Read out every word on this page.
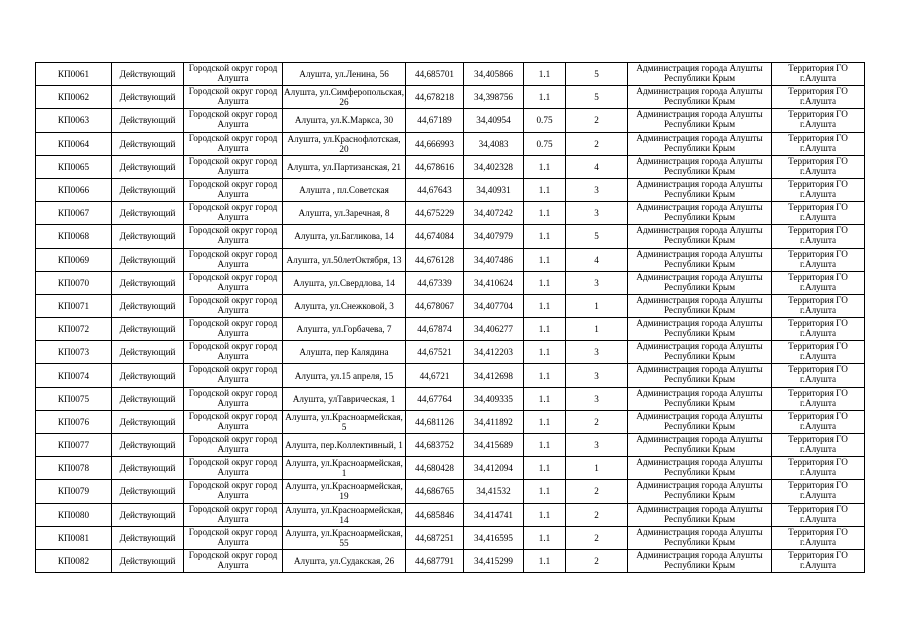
КП0061	Действующий	Городской округ город Алушта	Алушта, ул.Ленина, 56	44,685701	34,405866	1.1	5	Администрация города Алушты Республики Крым	Территория ГО г.Алушта
КП0062	Действующий	Городской округ город Алушта	Алушта, ул.Симферопольская, 26	44,678218	34,398756	1.1	5	Администрация города Алушты Республики Крым	Территория ГО г.Алушта
КП0063	Действующий	Городской округ город Алушта	Алушта, ул.К.Маркса, 30	44,67189	34,40954	0.75	2	Администрация города Алушты Республики Крым	Территория ГО г.Алушта
КП0064	Действующий	Городской округ город Алушта	Алушта, ул.Краснофлотская, 20	44,666993	34,4083	0.75	2	Администрация города Алушты Республики Крым	Территория ГО г.Алушта
КП0065	Действующий	Городской округ город Алушта	Алушта, ул.Партизанская, 21	44,678616	34,402328	1.1	4	Администрация города Алушты Республики Крым	Территория ГО г.Алушта
КП0066	Действующий	Городской округ город Алушта	Алушта , пл.Советская	44,67643	34,40931	1.1	3	Администрация города Алушты Республики Крым	Территория ГО г.Алушта
КП0067	Действующий	Городской округ город Алушта	Алушта, ул.Заречная, 8	44,675229	34,407242	1.1	3	Администрация города Алушты Республики Крым	Территория ГО г.Алушта
КП0068	Действующий	Городской округ город Алушта	Алушта, ул.Багликова, 14	44,674084	34,407979	1.1	5	Администрация города Алушты Республики Крым	Территория ГО г.Алушта
КП0069	Действующий	Городской округ город Алушта	Алушта, ул.50летОктября, 13	44,676128	34,407486	1.1	4	Администрация города Алушты Республики Крым	Территория ГО г.Алушта
КП0070	Действующий	Городской округ город Алушта	Алушта, ул.Свердлова, 14	44,67339	34,410624	1.1	3	Администрация города Алушты Республики Крым	Территория ГО г.Алушта
КП0071	Действующий	Городской округ город Алушта	Алушта, ул.Снежковой, 3	44,678067	34,407704	1.1	1	Администрация города Алушты Республики Крым	Территория ГО г.Алушта
КП0072	Действующий	Городской округ город Алушта	Алушта, ул.Горбачева, 7	44,67874	34,406277	1.1	1	Администрация города Алушты Республики Крым	Территория ГО г.Алушта
КП0073	Действующий	Городской округ город Алушта	Алушта, пер Калядина	44,67521	34,412203	1.1	3	Администрация города Алушты Республики Крым	Территория ГО г.Алушта
КП0074	Действующий	Городской округ город Алушта	Алушта, ул.15 апреля, 15	44,6721	34,412698	1.1	3	Администрация города Алушты Республики Крым	Территория ГО г.Алушта
КП0075	Действующий	Городской округ город Алушта	Алушта, улТаврическая, 1	44,67764	34,409335	1.1	3	Администрация города Алушты Республики Крым	Территория ГО г.Алушта
КП0076	Действующий	Городской округ город Алушта	Алушта, ул.Красноармейская, 5	44,681126	34,411892	1.1	2	Администрация города Алушты Республики Крым	Территория ГО г.Алушта
КП0077	Действующий	Городской округ город Алушта	Алушта, пер.Коллективный, 1	44,683752	34,415689	1.1	3	Администрация города Алушты Республики Крым	Территория ГО г.Алушта
КП0078	Действующий	Городской округ город Алушта	Алушта, ул.Красноармейская, 1	44,680428	34,412094	1.1	1	Администрация города Алушты Республики Крым	Территория ГО г.Алушта
КП0079	Действующий	Городской округ город Алушта	Алушта, ул.Красноармейская, 19	44,686765	34,41532	1.1	2	Администрация города Алушты Республики Крым	Территория ГО г.Алушта
КП0080	Действующий	Городской округ город Алушта	Алушта, ул.Красноармейская, 14	44,685846	34,414741	1.1	2	Администрация города Алушты Республики Крым	Территория ГО г.Алушта
КП0081	Действующий	Городской округ город Алушта	Алушта, ул.Красноармейская, 55	44,687251	34,416595	1.1	2	Администрация города Алушты Республики Крым	Территория ГО г.Алушта
КП0082	Действующий	Городской округ город Алушта	Алушта, ул.Судакская, 26	44,687791	34,415299	1.1	2	Администрация города Алушты Республики Крым	Территория ГО г.Алушта
